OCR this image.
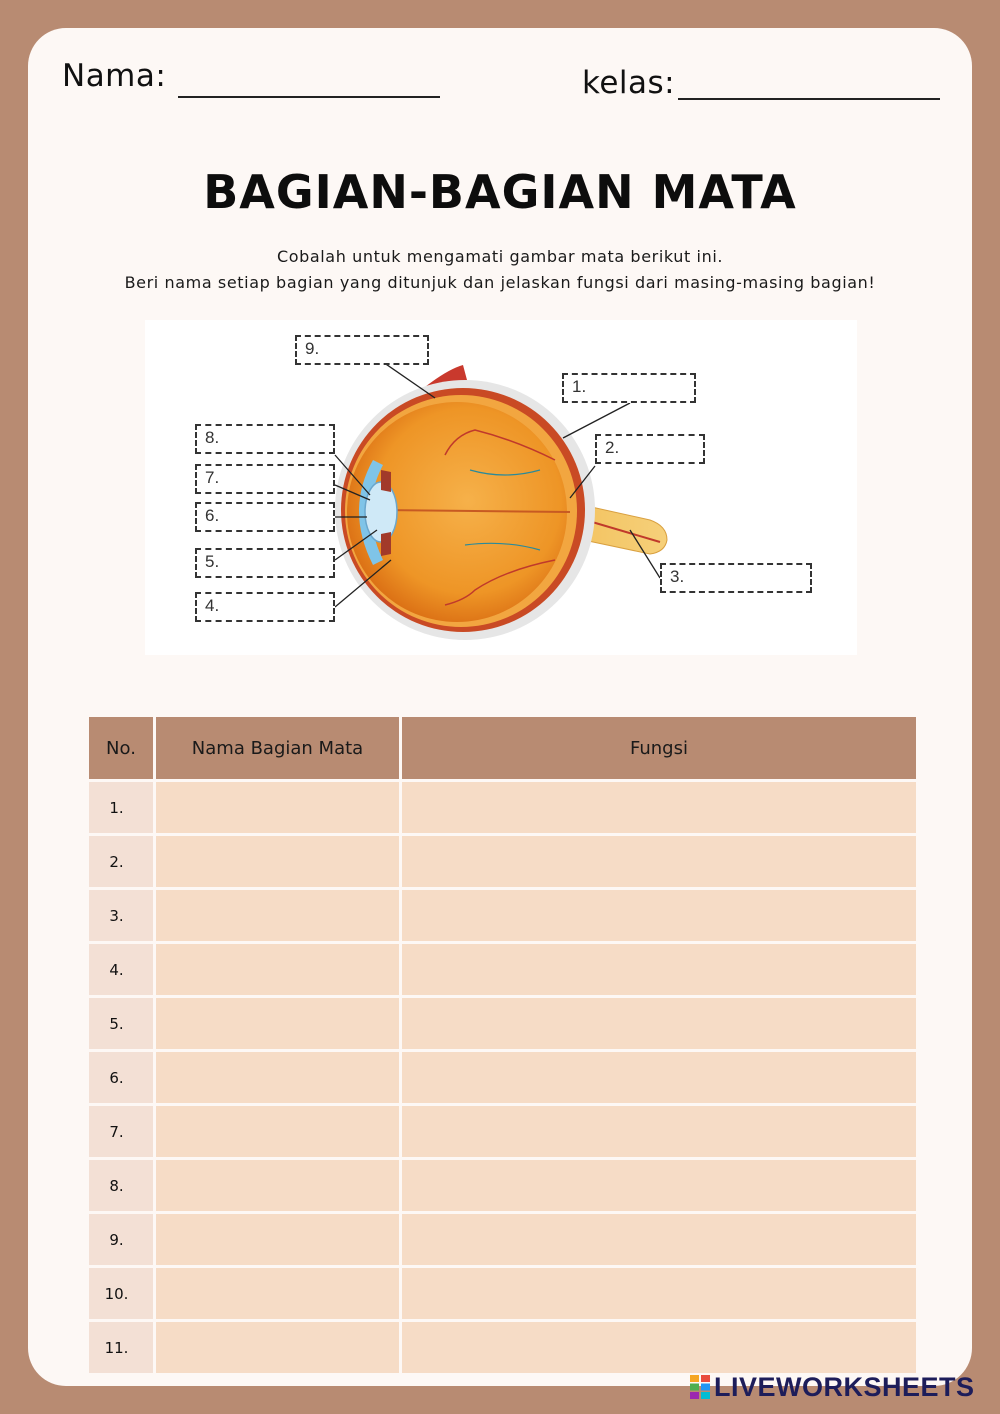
Nama:	kelas:
BAGIAN-BAGIAN MATA
Cobalah untuk mengamati gambar mata berikut ini.
Beri nama setiap bagian yang ditunjuk dan jelaskan fungsi dari masing-masing bagian!
9.
1.
2.
3.
4.
5.
6.
7.
8.
No.	Nama Bagian Mata	Fungsi
1.		
2.		
3.		
4.		
5.		
6.		
7.		
8.		
9.		
10.		
11.		
LIVEWORKSHEETS
